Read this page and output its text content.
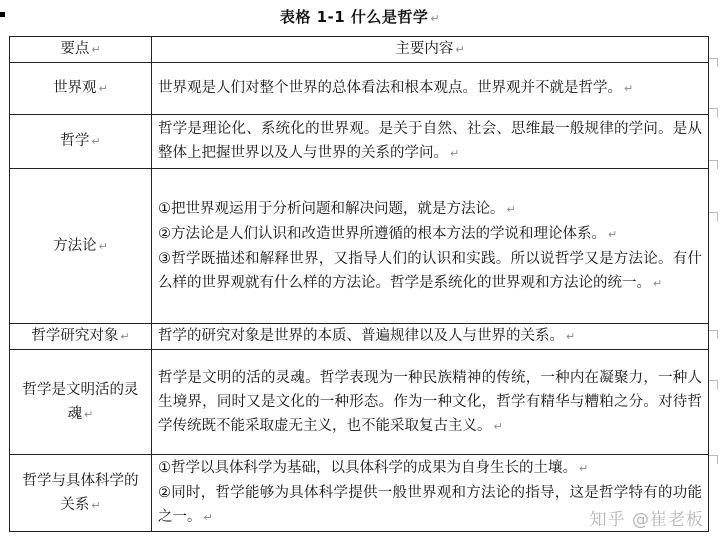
表格 1-1 什么是哲学 ↵
要点 ↵	主要内容 ↵
世界观 ↵	世界观是人们对整个世界的总体看法和根本观点。世界观并不就是哲学。 ↵

哲学 ↵	哲学是理论化、系统化的世界观。是关于自然、社会、思维最一般规律的学问。是从整体上把握世界以及人与世界的关系的学问。 ↵

方法论 ↵	①把世界观运用于分析问题和解决问题，就是方法论。 ↵
②方法论是人们认识和改造世界所遵循的根本方法的学说和理论体系。 ↵
③哲学既描述和解释世界，又指导人们的认识和实践。所以说哲学又是方法论。有什么样的世界观就有什么样的方法论。哲学是系统化的世界观和方法论的统一。 ↵

哲学研究对象 ↵	哲学的研究对象是世界的本质、普遍规律以及人与世界的关系。 ↵

哲学是文明活的灵魂 ↵	哲学是文明的活的灵魂。哲学表现为一种民族精神的传统，一种内在凝聚力，一种人生境界，同时又是文化的一种形态。作为一种文化，哲学有精华与糟粕之分。对待哲学传统既不能采取虚无主义，也不能采取复古主义。 ↵

哲学与具体科学的关系 ↵	①哲学以具体科学为基础，以具体科学的成果为自身生长的土壤。 ↵
②同时，哲学能够为具体科学提供一般世界观和方法论的指导，这是哲学特有的功能之一。 ↵	知乎 @崔老板
